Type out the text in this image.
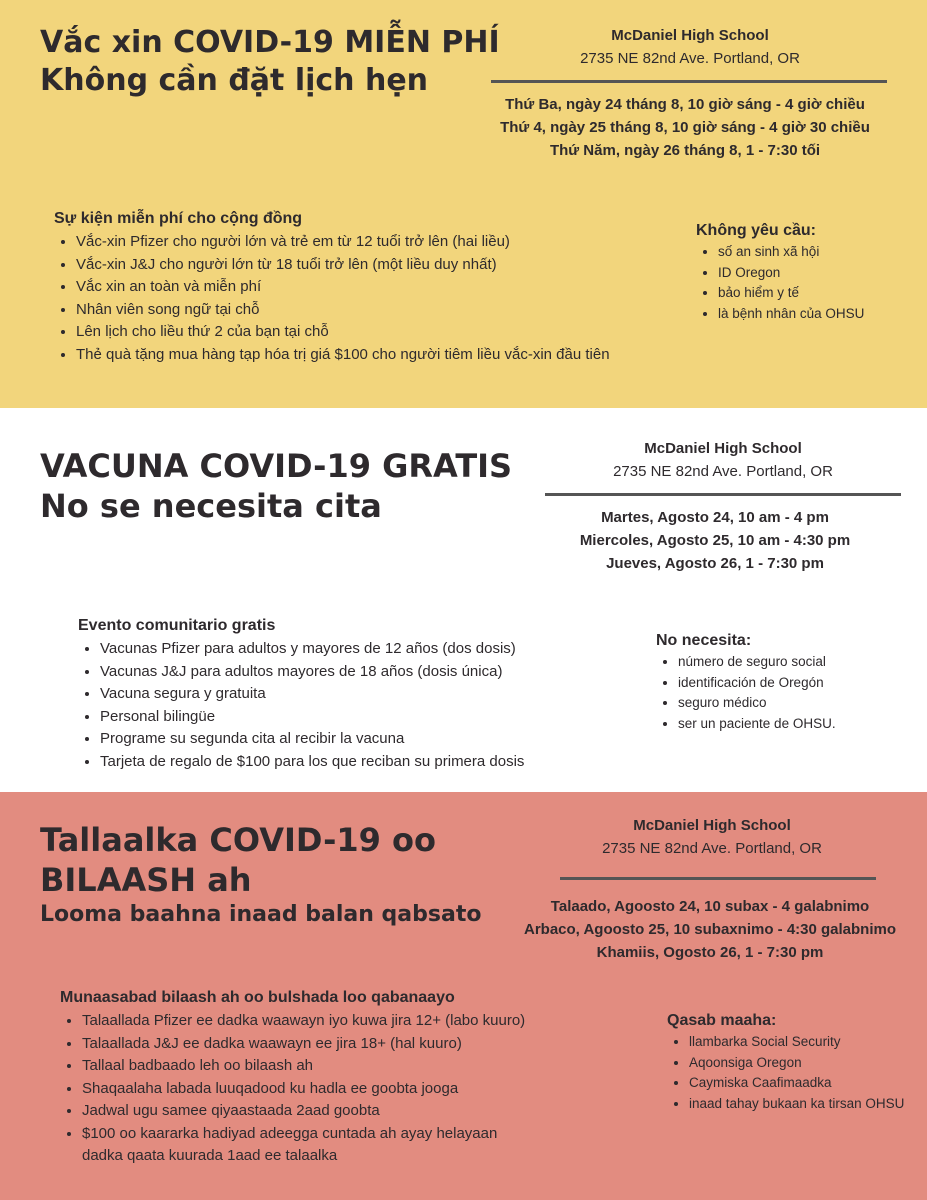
Vắc xin COVID-19 MIỄN PHÍ
Không cần đặt lịch hẹn
McDaniel High School
2735 NE 82nd Ave. Portland, OR
Thứ Ba, ngày 24 tháng 8, 10 giờ sáng - 4 giờ chiều
Thứ 4, ngày 25 tháng 8, 10 giờ sáng - 4 giờ 30 chiều
Thứ Năm, ngày 26 tháng 8, 1 - 7:30 tối
Sự kiện miễn phí cho cộng đồng
• Vắc-xin Pfizer cho người lớn và trẻ em từ 12 tuổi trở lên (hai liều)
• Vắc-xin J&J cho người lớn từ 18 tuổi trở lên (một liều duy nhất)
• Vắc xin an toàn và miễn phí
• Nhân viên song ngữ tại chỗ
• Lên lịch cho liều thứ 2 của bạn tại chỗ
• Thẻ quà tặng mua hàng tạp hóa trị giá $100 cho người tiêm liều vắc-xin đầu tiên
Không yêu cầu:
• số an sinh xã hội
• ID Oregon
• bảo hiểm y tế
• là bệnh nhân của OHSU
VACUNA COVID-19 GRATIS
No se necesita cita
McDaniel High School
2735 NE 82nd Ave. Portland, OR
Martes, Agosto 24, 10 am - 4 pm
Miercoles, Agosto 25, 10 am - 4:30 pm
Jueves, Agosto 26, 1 - 7:30 pm
Evento comunitario gratis
• Vacunas Pfizer para adultos y mayores de 12 años (dos dosis)
• Vacunas J&J para adultos mayores de 18 años (dosis única)
• Vacuna segura y gratuita
• Personal bilingüe
• Programe su segunda cita al recibir la vacuna
• Tarjeta de regalo de $100 para los que reciban su primera dosis
No necesita:
• número de seguro social
• identificación de Oregón
• seguro médico
• ser un paciente de OHSU.
Tallaalka COVID-19 oo
BILAASH ah
Looma baahna inaad balan qabsato
McDaniel High School
2735 NE 82nd Ave. Portland, OR
Talaado, Agoosto 24, 10 subax - 4 galabnimo
Arbaco, Agoosto 25, 10 subaxnimo - 4:30 galabnimo
Khamiis, Ogosto 26, 1 - 7:30 pm
Munaasabad bilaash ah oo bulshada loo qabanaayo
• Talaallada Pfizer ee dadka waawayn iyo kuwa jira 12+ (labo kuuro)
• Talaallada J&J ee dadka waawayn ee jira 18+ (hal kuuro)
• Tallaal badbaado leh oo bilaash ah
• Shaqaalaha labada luuqadood ku hadla ee goobta jooga
• Jadwal ugu samee qiyaastaada 2aad goobta
• $100 oo kaararka hadiyad adeegga cuntada ah ayay helayaan dadka qaata kuurada 1aad ee talaalka
Qasab maaha:
• llambarka Social Security
• Aqoonsiga Oregon
• Caymiska Caafimaadka
• inaad tahay bukaan ka tirsan OHSU
